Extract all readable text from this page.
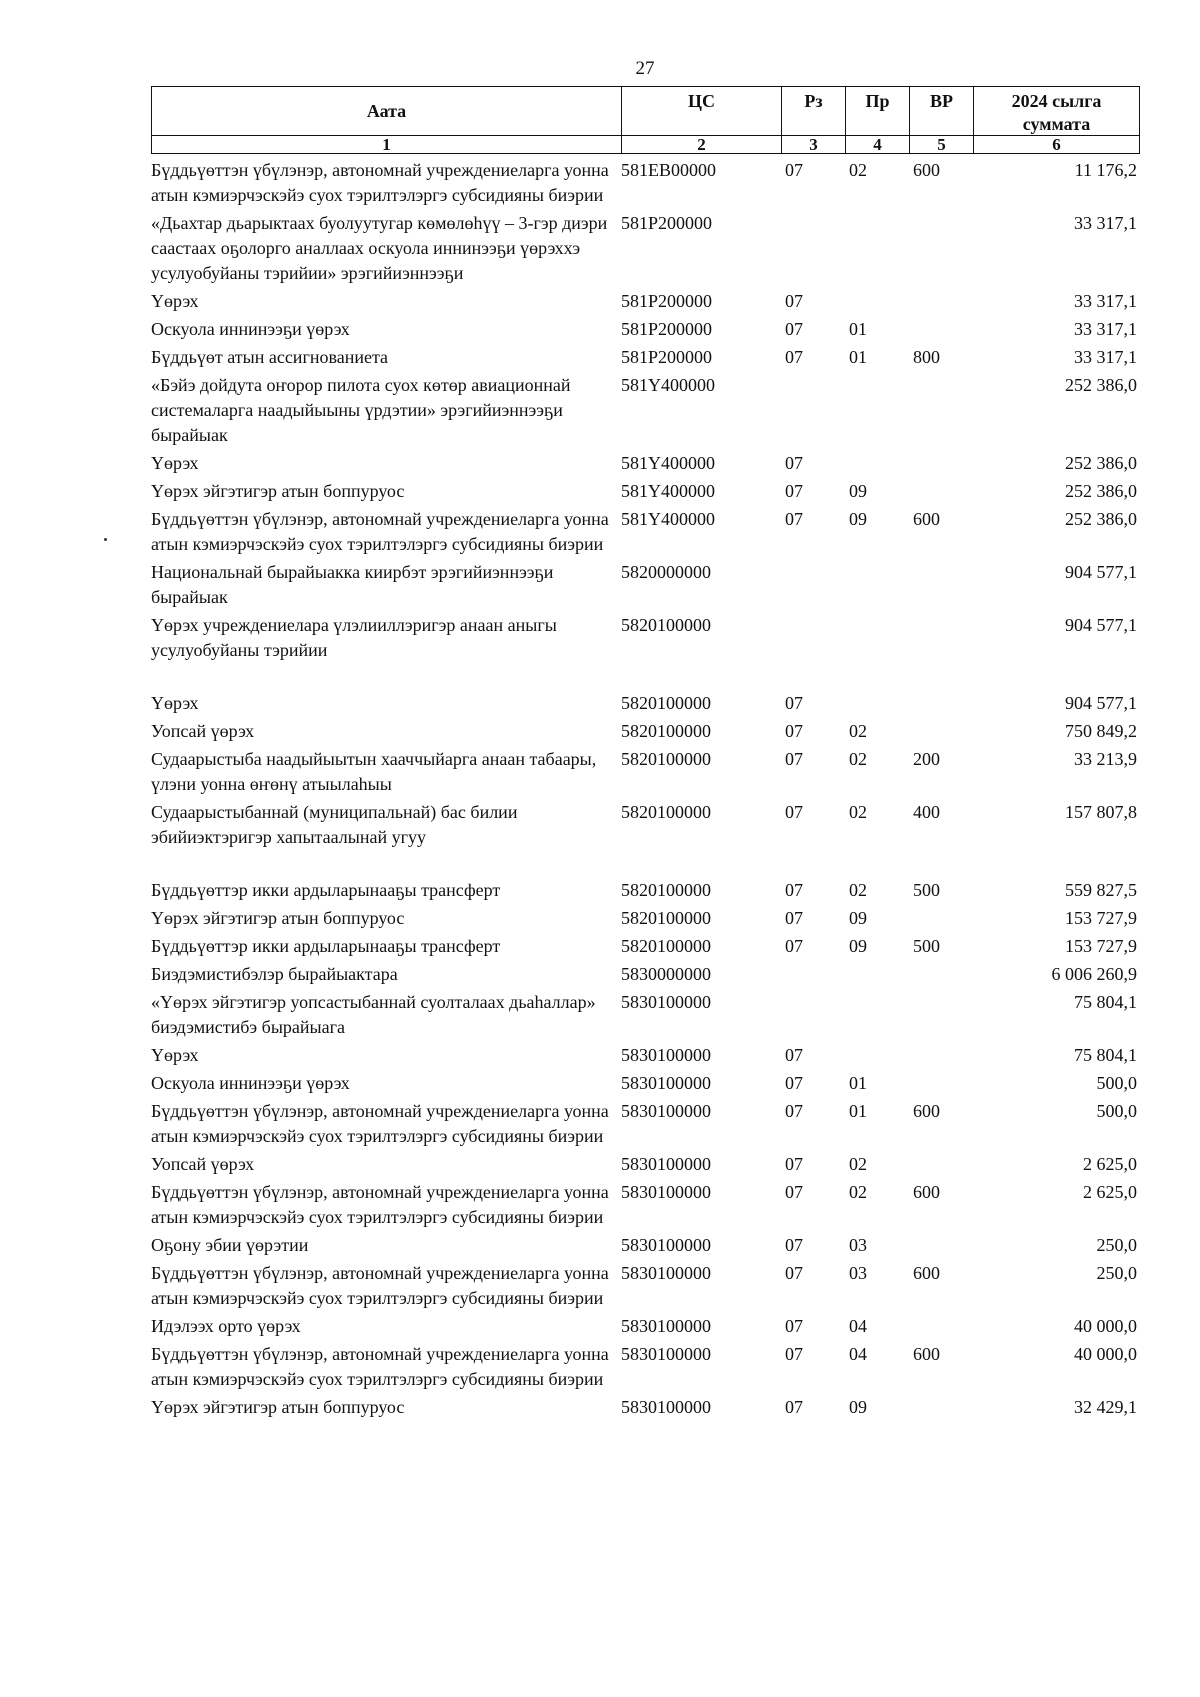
27
Аата	ЦС	Рз	Пр	ВР	2024 сылга
суммата

1	2	3	4	5	6
Бүддьүөттэн үбүлэнэр, автономнай учреждениеларга уонна атын кэмиэрчэскэйэ суох тэрилтэлэргэ субсидияны биэрии	581EB00000	07	02	600	11 176,2
«Дьахтар дьарыктаах буолуутугар көмөлөһүү – 3-гэр диэри саастаах оҕолорго аналлаах оскуола иннинээҕи үөрэххэ усулуобуйаны тэрийии» эрэгийиэннээҕи	581P200000				33 317,1
Үөрэх	581P200000	07			33 317,1
Оскуола иннинээҕи үөрэх	581P200000	07	01		33 317,1
Бүддьүөт атын ассигнованиета	581P200000	07	01	800	33 317,1
«Бэйэ дойдута оҥорор пилота суох көтөр авиационнай системаларга наадыйыыны үрдэтии» эрэгийиэннээҕи бырайыак	581Y400000				252 386,0
Үөрэх	581Y400000	07			252 386,0
Үөрэх эйгэтигэр атын боппуруос	581Y400000	07	09		252 386,0
Бүддьүөттэн үбүлэнэр, автономнай учреждениеларга уонна атын кэмиэрчэскэйэ суох тэрилтэлэргэ субсидияны биэрии	581Y400000	07	09	600	252 386,0
Национальнай бырайыакка киирбэт эрэгийиэннээҕи бырайыак	5820000000				904 577,1
Үөрэх учреждениелара үлэлииллэригэр анаан аныгы усулуобуйаны тэрийии	5820100000				904 577,1
Үөрэх	5820100000	07			904 577,1
Уопсай үөрэх	5820100000	07	02		750 849,2
Судаарыстыба наадыйыытын хааччыйарга анаан табаары, үлэни уонна өҥөнү атыылаһыы	5820100000	07	02	200	33 213,9
Судаарыстыбаннай (муниципальнай) бас билии эбийиэктэригэр хапытаалынай угуу	5820100000	07	02	400	157 807,8
Бүддьүөттэр икки ардыларынааҕы трансферт	5820100000	07	02	500	559 827,5
Үөрэх эйгэтигэр атын боппуруос	5820100000	07	09		153 727,9
Бүддьүөттэр икки ардыларынааҕы трансферт	5820100000	07	09	500	153 727,9
Биэдэмистибэлэр бырайыактара	5830000000				6 006 260,9
«Үөрэх эйгэтигэр уопсастыбаннай суолталаах дьаһаллар» биэдэмистибэ бырайыага	5830100000				75 804,1
Үөрэх	5830100000	07			75 804,1
Оскуола иннинээҕи үөрэх	5830100000	07	01		500,0
Бүддьүөттэн үбүлэнэр, автономнай учреждениеларга уонна атын кэмиэрчэскэйэ суох тэрилтэлэргэ субсидияны биэрии	5830100000	07	01	600	500,0
Уопсай үөрэх	5830100000	07	02		2 625,0
Бүддьүөттэн үбүлэнэр, автономнай учреждениеларга уонна атын кэмиэрчэскэйэ суох тэрилтэлэргэ субсидияны биэрии	5830100000	07	02	600	2 625,0
Оҕону эбии үөрэтии	5830100000	07	03		250,0
Бүддьүөттэн үбүлэнэр, автономнай учреждениеларга уонна атын кэмиэрчэскэйэ суох тэрилтэлэргэ субсидияны биэрии	5830100000	07	03	600	250,0
Идэлээх орто үөрэх	5830100000	07	04		40 000,0
Бүддьүөттэн үбүлэнэр, автономнай учреждениеларга уонна атын кэмиэрчэскэйэ суох тэрилтэлэргэ субсидияны биэрии	5830100000	07	04	600	40 000,0
Үөрэх эйгэтигэр атын боппуруос	5830100000	07	09		32 429,1
